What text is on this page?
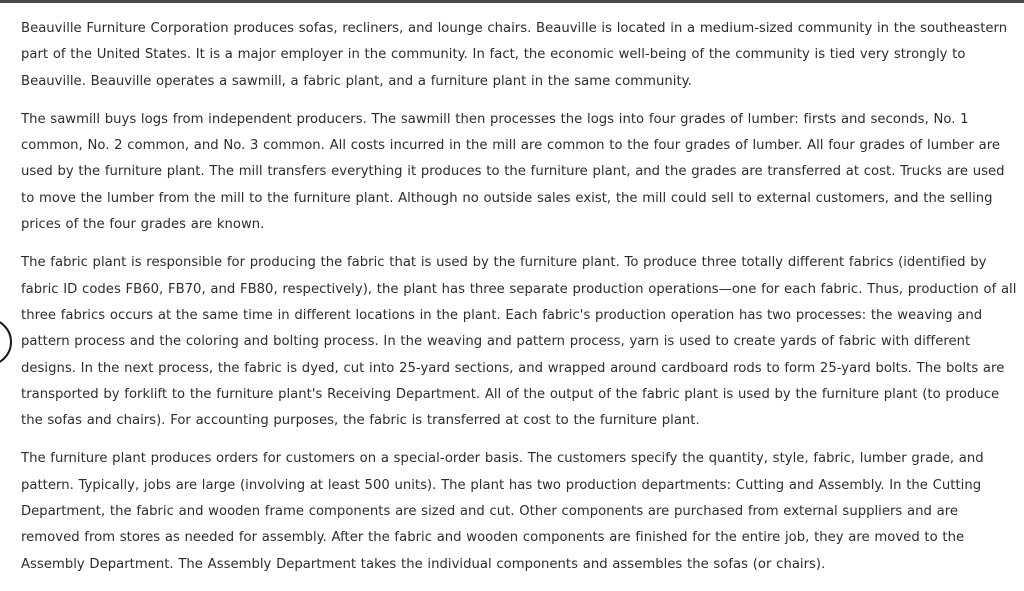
Beauville Furniture Corporation produces sofas, recliners, and lounge chairs. Beauville is located in a medium-sized community in the southeastern part of the United States. It is a major employer in the community. In fact, the economic well-being of the community is tied very strongly to Beauville. Beauville operates a sawmill, a fabric plant, and a furniture plant in the same community.

The sawmill buys logs from independent producers. The sawmill then processes the logs into four grades of lumber: firsts and seconds, No. 1 common, No. 2 common, and No. 3 common. All costs incurred in the mill are common to the four grades of lumber. All four grades of lumber are used by the furniture plant. The mill transfers everything it produces to the furniture plant, and the grades are transferred at cost. Trucks are used to move the lumber from the mill to the furniture plant. Although no outside sales exist, the mill could sell to external customers, and the selling prices of the four grades are known.

The fabric plant is responsible for producing the fabric that is used by the furniture plant. To produce three totally different fabrics (identified by fabric ID codes FB60, FB70, and FB80, respectively), the plant has three separate production operations—one for each fabric. Thus, production of all three fabrics occurs at the same time in different locations in the plant. Each fabric's production operation has two processes: the weaving and pattern process and the coloring and bolting process. In the weaving and pattern process, yarn is used to create yards of fabric with different designs. In the next process, the fabric is dyed, cut into 25-yard sections, and wrapped around cardboard rods to form 25-yard bolts. The bolts are transported by forklift to the furniture plant's Receiving Department. All of the output of the fabric plant is used by the furniture plant (to produce the sofas and chairs). For accounting purposes, the fabric is transferred at cost to the furniture plant.

The furniture plant produces orders for customers on a special-order basis. The customers specify the quantity, style, fabric, lumber grade, and pattern. Typically, jobs are large (involving at least 500 units). The plant has two production departments: Cutting and Assembly. In the Cutting Department, the fabric and wooden frame components are sized and cut. Other components are purchased from external suppliers and are removed from stores as needed for assembly. After the fabric and wooden components are finished for the entire job, they are moved to the Assembly Department. The Assembly Department takes the individual components and assembles the sofas (or chairs).
